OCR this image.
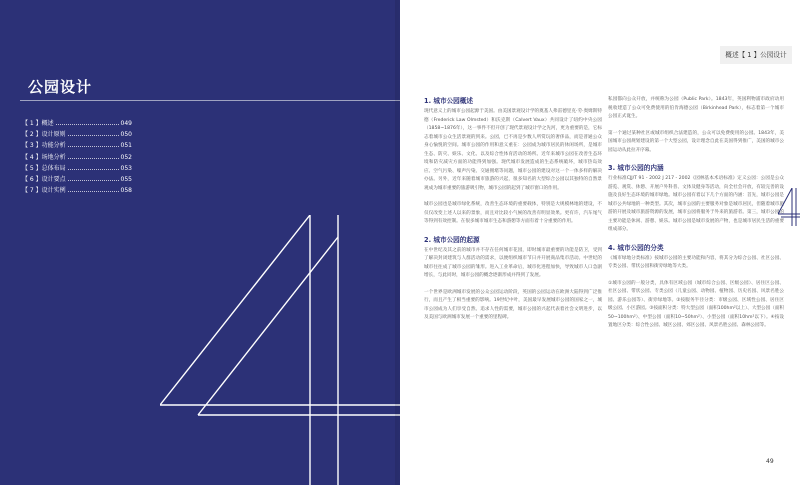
公园设计
【 1 】概述	049
【 2 】设计原则	050
【 3 】功能分析	051
【 4 】场地分析	052
【 5 】总体布局	053
【 6 】设计要点	055
【 7 】设计实例	058
概述【 1 】公园设计
1. 城市公园概述
现代意义上的城市公园起源于美国。由美国景观设计学的奠基人弗雷德里克·劳·奥姆斯特德（Frederick Law Olmsted）和沃克斯（Calvert Vaux）共同设计了纽约中央公园（1858~1876年），这一事件不但开创了现代景观设计学之先河，更为重要的是，它标志着城市公众生活景观的到来。公园，已不再是少数人所赏玩的奢侈品，而是普通公众身心愉悦的空间。城市公园的作用和意义重在：公园成为城市居民的休闲场所，是城市生态、防灾、娱乐、文化、以及综合性体育活动的场所。近年来城市公园在改善生态环境和防灾减灾方面的功能得到加强。现代城市发展造成的生态系统破坏，城市热岛效应、空气污染、噪声污染、交通拥堵等问题，城市公园的建设对这一个一体多样的解决办法。另外，近年来随着城市旅游的兴起，很多知名的大型综合公园以其独特的自然景观成为城市重要的旅游吸引物，城市公园的起到了城市窗口的作用。
城市公园也是城市绿化系统，改善生态环境的重要载体，特别是大规模林地的建设，不仅仅改变上述人以来的景象，而且对比较小气候的改善有明显效果。更有许，汽车尾气等得到有效控制。在很多城市城市生态和游憩等方面有着十分重要的作用。
2. 城市公园的起源
在中世纪及其之前的城市并不存在任何城市花园，即时城市最重要的功能是防卫，受到了解决封闭建筑与人群活动的需求，以便组织城市节日并开展商品集市活动。中世纪的城市往往成了城市公园的雏形。进入工业革命后，城市化进程加快，导致城市人口急剧增长，与此同时，城市公园的概念逐渐形成并得到了发展。
一个世界是欧洲城市发展的公众公园运动阶段，英国的公园运动在欧洲大陆得到广泛推行，而且产生了相当重要的影响。19世纪中叶，美国最早发展城市公园的国家之一，城市公园成为人们享受自然、追求人性的需要，城市公园的兴起代表着社会文明进步，以及美国与欧洲城市发展一个重要的里程碑。
私园都向公众开放，并统称为公园（Public Park）。1843年，英国利物浦市政府动用税收建造了公众可免费使用的伯肯海德公园（Birkinhead Park），标志着第一个城市公园正式诞生。
第一个通过某种社区或城市组织合法建造的，公众可以免费使用的公园。1843年，美国城市公园规划建设的第一个大型公园，设计理念自此在美国得到推广，美国的城市公园运动从此拉开序幕。
3. 城市公园的内涵
行业标准CJJ/T 91 - 2002 J 217 - 2002《园林基本术语标准》定义公园：公园是公众游览、观赏、休憩、开展户外科普、文体及健身等活动，向全社会开放，有较完善的设施及良好生态环境的城市绿地。城市公园有着以下几个方面的内涵：首先，城市公园是城市公共绿地的一种类型。其次，城市公园的主要服务对象是城市居民，但随着城市旅游的开展及城市旅游资源的发展，城市公园将服务于外来的旅游者。第三，城市公园的主要功能是休闲、游憩、娱乐。城市公园是城市发展的产物，也是城市居民生活的重要组成部分。
4. 城市公园的分类
《城市绿地分类标准》按城市公园的主要功能和内容，将其分为综合公园、社区公园、专类公园、带状公园和街旁绿地等大类。
①城市公园的一般分类，具体有区域公园（城市综合公园、区级公园）、居住区公园、社区公园、带状公园、专类公园（儿童公园、动物园、植物园、历史名园、风景名胜公园、游乐公园等）、街旁绿地等。②按服务半径分类：市级公园、区域性公园、居住区级公园、小区游园。③按面积分类：特大型公园（面积100hm²以上）、大型公园（面积50~100hm²）、中型公园（面积10~50hm²）、小型公园（面积10hm²以下）。④按设置地区分类：综合性公园、城区公园、郊区公园、风景名胜公园、森林公园等。
49
